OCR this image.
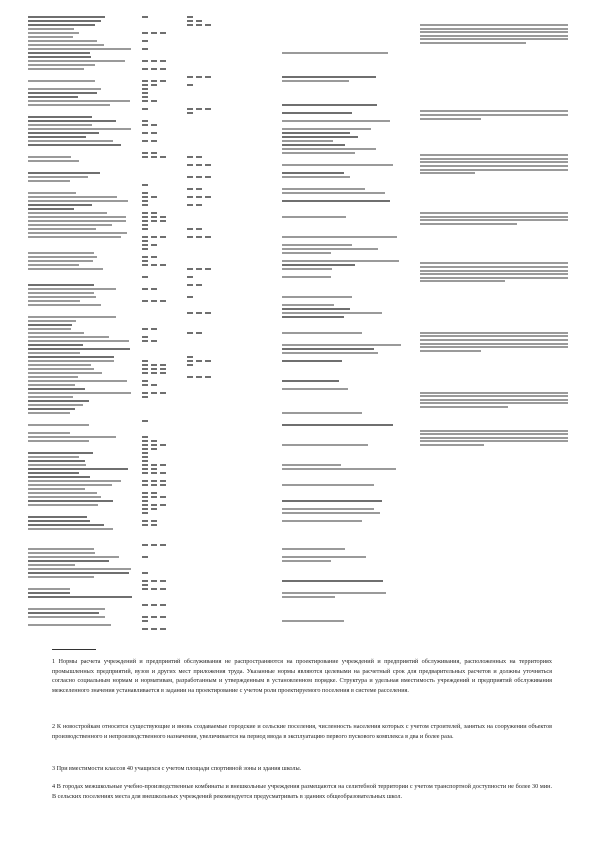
1 Нормы расчета учреждений и предприятий обслуживания не распространяются на проектирование учреждений и предприятий обслуживания, расположенных на территориях промышленных предприятий, вузов и других мест приложения труда. Указанные нормы являются целевыми на расчетный срок для предварительных расчетов и должны уточняться согласно социальным нормам и нормативам, разработанным и утвержденным в установленном порядке. Структура и удельная вместимость учреждений и предприятий обслуживания межселенного значения устанавливается в задании на проектирование с учетом роли проектируемого поселения в системе расселения.

2 К новостройкам относятся существующие и вновь создаваемые городские и сельские поселения, численность населения которых с учетом строителей, занятых на сооружении объектов производственного и непроизводственного назначения, увеличивается на период ввода в эксплуатацию первого пускового комплекса в два и более раза.

3 При вместимости классов 40 учащихся с учетом площади спортивной зоны и здания школы.

4 В городах межшкольные учебно-производственные комбинаты и внешкольные учреждения размещаются на селитебной территории с учетом транспортной доступности не более 30 мин. В сельских поселениях места для внешкольных учреждений рекомендуется предусматривать в зданиях общеобразовательных школ.
